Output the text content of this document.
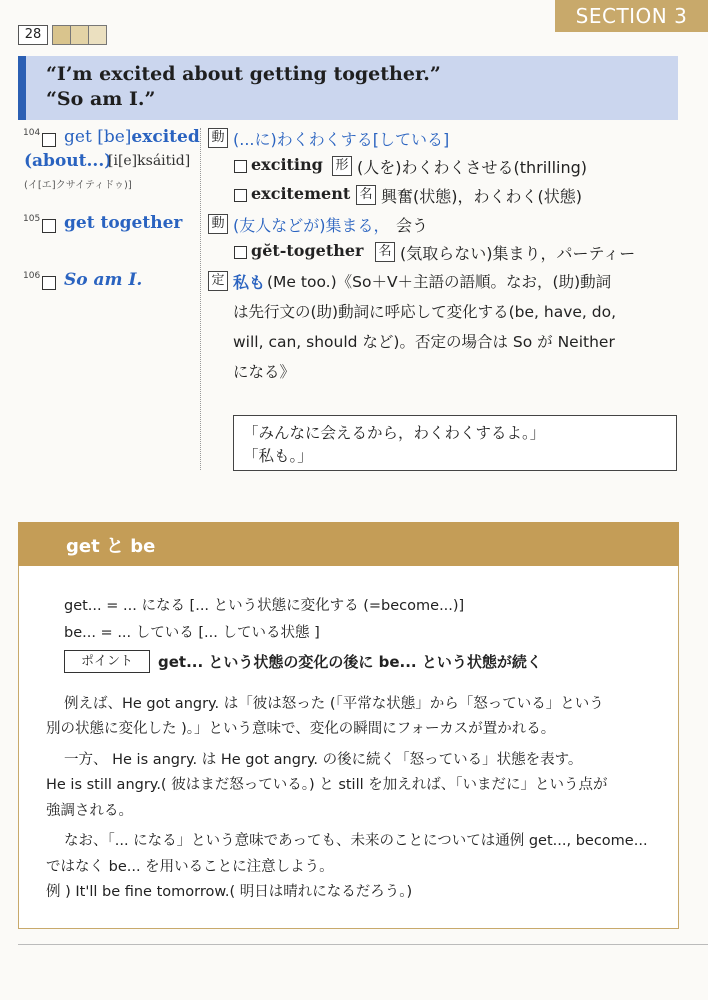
28
SECTION 3
“I’m excited about getting together.”
“So am I.”
104 get [be]excited
(about...)
[i[e]ksáitid]
(イ[エ]クサイティドゥ)]
動 (...に)わくわくする[している]
exciting 形 (人を)わくわくさせる(thrilling)
excitement 名 興奮(状態)，わくわく(状態)
105 get together 動 (友人などが)集まる， 会う
gĕt-together 名 (気取らない)集まり，パーティー
106 So am I.	定 私も (Me too.)《So＋V＋主語の語順。なお，(助)動詞
は先行文の(助)動詞に呼応して変化する(be, have, do,
will, can, should など)。否定の場合は So が Neither
になる》
「みんなに会えるから，わくわくするよ。」
「私も。」
get と be
get... = ... になる [... という状態に変化する (=become...)]
be... = ... している [... している状態 ]
ポイント	get... という状態の変化の後に be... という状態が続く
例えば、He got angry. は「彼は怒った (「平常な状態」から「怒っている」という
別の状態に変化した )。」という意味で、変化の瞬間にフォーカスが置かれる。
一方、 He is angry. は He got angry. の後に続く「怒っている」状態を表す。
He is still angry.( 彼はまだ怒っている。) と still を加えれば、「いまだに」という点が
強調される。
なお、「... になる」という意味であっても、未来のことについては通例 get..., become...
ではなく be... を用いることに注意しよう。
例 ) It'll be fine tomorrow.( 明日は晴れになるだろう。)
